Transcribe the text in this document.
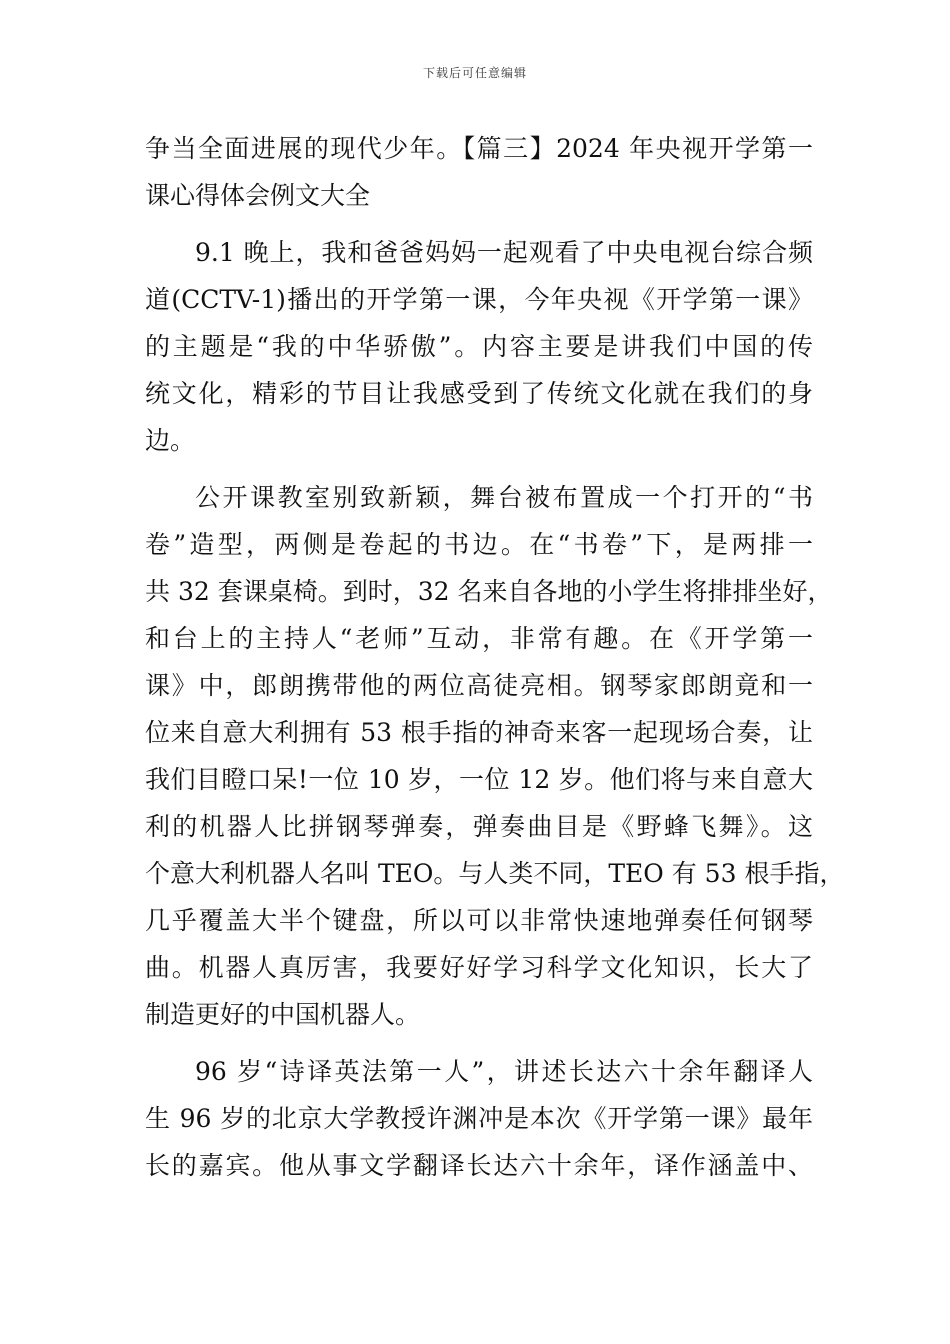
下载后可任意编辑
争当全面进展的现代少年。【篇三】2024 年央视开学第一
课心得体会例文大全
9.1 晚上，我和爸爸妈妈一起观看了中央电视台综合频
道(CCTV-1)播出的开学第一课，今年央视《开学第一课》
的主题是“我的中华骄傲”。内容主要是讲我们中国的传
统文化，精彩的节目让我感受到了传统文化就在我们的身
边。
公开课教室别致新颖，舞台被布置成一个打开的“书
卷”造型，两侧是卷起的书边。在“书卷”下，是两排一
共 32 套课桌椅。到时，32 名来自各地的小学生将排排坐好，
和台上的主持人“老师”互动，非常有趣。在《开学第一
课》中，郎朗携带他的两位高徒亮相。钢琴家郎朗竟和一
位来自意大利拥有 53 根手指的神奇来客一起现场合奏，让
我们目瞪口呆!一位 10 岁，一位 12 岁。他们将与来自意大
利的机器人比拼钢琴弹奏，弹奏曲目是《野蜂飞舞》。这
个意大利机器人名叫 TEO。与人类不同，TEO 有 53 根手指，
几乎覆盖大半个键盘，所以可以非常快速地弹奏任何钢琴
曲。机器人真厉害，我要好好学习科学文化知识，长大了
制造更好的中国机器人。
96 岁“诗译英法第一人”，讲述长达六十余年翻译人
生 96 岁的北京大学教授许渊冲是本次《开学第一课》最年
长的嘉宾。他从事文学翻译长达六十余年，译作涵盖中、
